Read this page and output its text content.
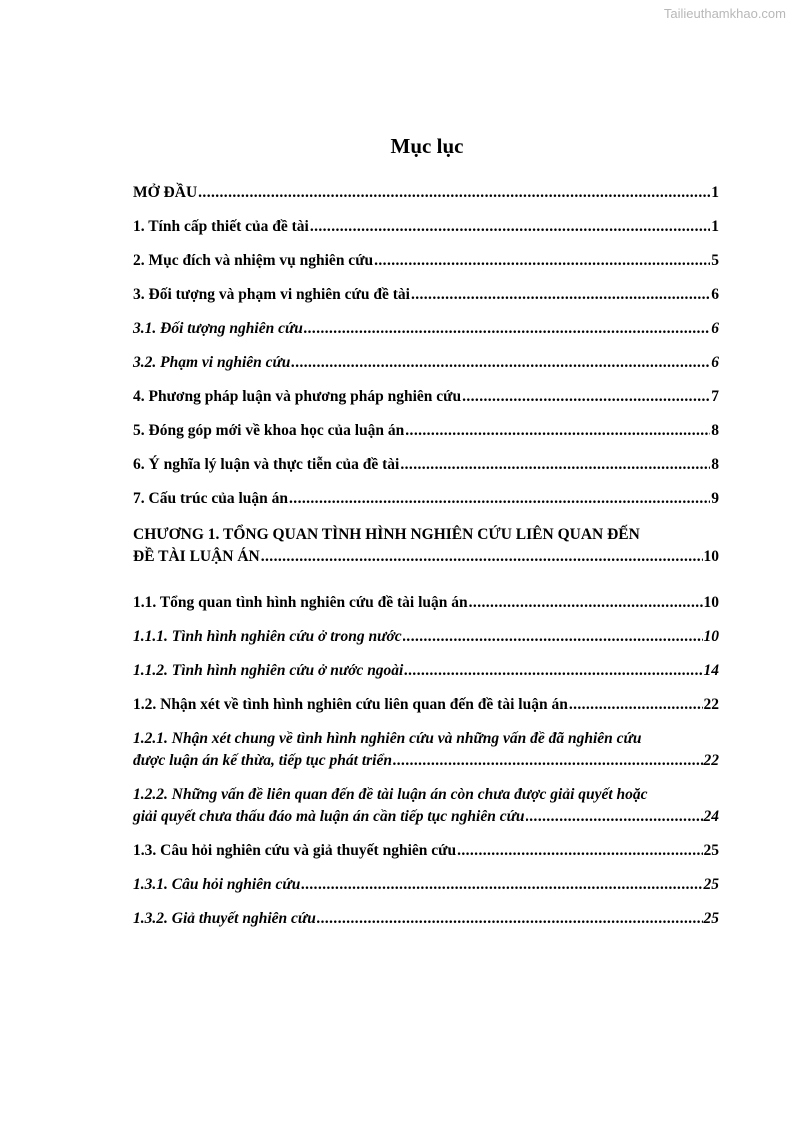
Tailieuthamkhao.com
Mục lục
MỞ ĐẦU .....	1
1. Tính cấp thiết của đề tài .....	1
2. Mục đích và nhiệm vụ nghiên cứu .....	5
3. Đối tượng và phạm vi nghiên cứu đề tài .....	6
3.1. Đối tượng nghiên cứu .....	6
3.2. Phạm vi nghiên cứu .....	6
4. Phương pháp luận và phương pháp nghiên cứu .....	7
5. Đóng góp mới về khoa học của luận án .....	8
6. Ý nghĩa lý luận và thực tiễn của đề tài .....	8
7. Cấu trúc của luận án .....	9
CHƯƠNG 1. TỔNG QUAN TÌNH HÌNH NGHIÊN CỨU LIÊN QUAN ĐẾN
ĐỀ TÀI LUẬN ÁN .....	10
1.1. Tổng quan tình hình nghiên cứu đề tài luận án .....	10
1.1.1. Tình hình nghiên cứu ở trong nước .....	10
1.1.2. Tình hình nghiên cứu ở nước ngoài .....	14
1.2. Nhận xét về tình hình nghiên cứu liên quan đến đề tài luận án .....	22
1.2.1. Nhận xét chung về tình hình nghiên cứu và những vấn đề đã nghiên cứu
được luận án kế thừa, tiếp tục phát triển .....	22
1.2.2. Những vấn đề liên quan đến đề tài luận án còn chưa được giải quyết hoặc
giải quyết chưa thấu đáo mà luận án cần tiếp tục nghiên cứu .....	24
1.3. Câu hỏi nghiên cứu và giả thuyết nghiên cứu .....	25
1.3.1. Câu hỏi nghiên cứu .....	25
1.3.2. Giả thuyết nghiên cứu .....	25
